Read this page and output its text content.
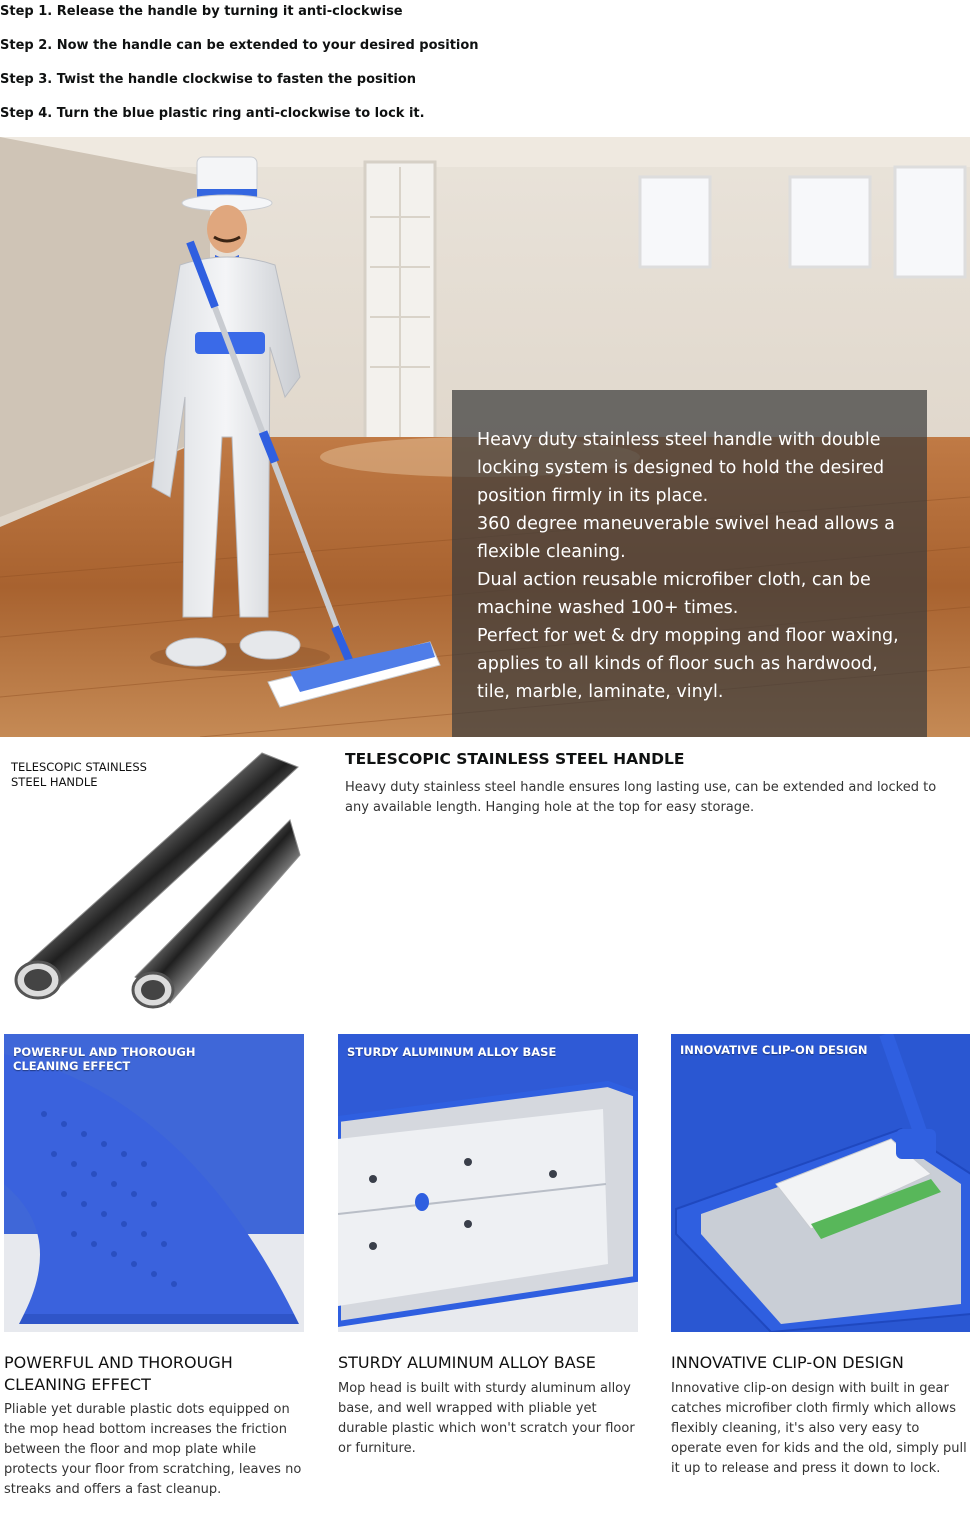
Step 1. Release the handle by turning it anti-clockwise
Step 2. Now the handle can be extended to your desired position
Step 3. Twist the handle clockwise to fasten the position
Step 4. Turn the blue plastic ring anti-clockwise to lock it.

Heavy duty stainless steel handle with double locking system is designed to hold the desired position firmly in its place.

360 degree maneuverable swivel head allows a flexible cleaning.

Dual action reusable microfiber cloth, can be machine washed 100+ times.

Perfect for wet & dry mopping and floor waxing, applies to all kinds of floor such as hardwood, tile, marble, laminate, vinyl.

TELESCOPIC STAINLESS
STEEL HANDLE
TELESCOPIC STAINLESS STEEL HANDLE
Heavy duty stainless steel handle ensures long lasting use, can be extended and locked to any available length. Hanging hole at the top for easy storage.
POWERFUL AND THOROUGH
CLEANING EFFECT
POWERFUL AND THOROUGH
CLEANING EFFECT
Pliable yet durable plastic dots equipped on the mop head bottom increases the friction between the floor and mop plate while protects your floor from scratching, leaves no streaks and offers a fast cleanup.
STURDY ALUMINUM ALLOY BASE
STURDY ALUMINUM ALLOY BASE
Mop head is built with sturdy aluminum alloy base, and well wrapped with pliable yet durable plastic which won't scratch your floor or furniture.
INNOVATIVE CLIP-ON DESIGN
INNOVATIVE CLIP-ON DESIGN
Innovative clip-on design with built in gear catches microfiber cloth firmly which allows flexibly cleaning, it's also very easy to operate even for kids and the old, simply pull it up to release and press it down to lock.
